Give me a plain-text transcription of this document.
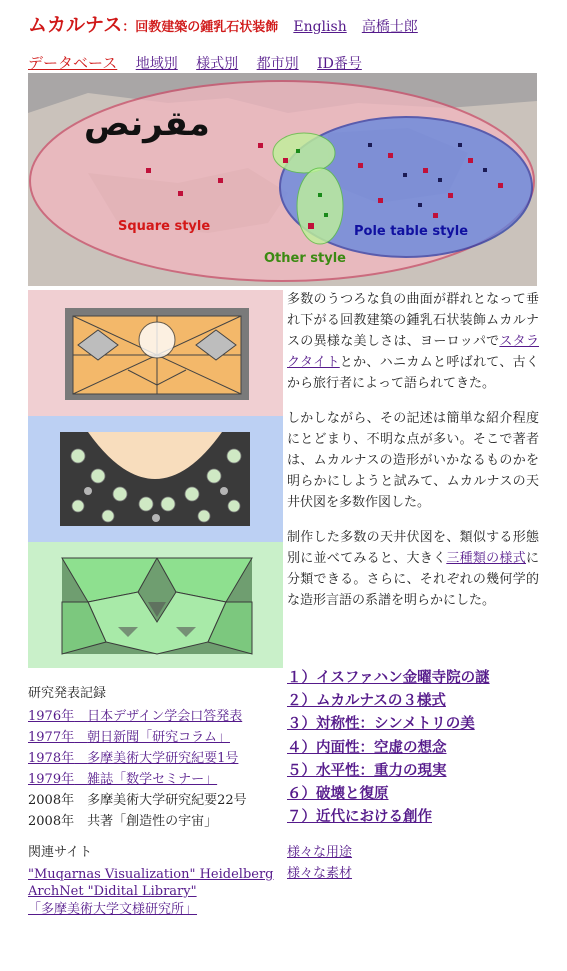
ムカルナス：回教建築の鍾乳石状装飾 English 高橋士郎
データベース 地域別 様式別 都市別 ID番号
مقرنص
Square style	Pole table style
Other style

多数のうつろな負の曲面が群れとなって垂れ下がる回教建築の鍾乳石状装飾ムカルナスの異様な美しさは、ヨーロッパでスタラクタイトとか、ハニカムと呼ばれて、古くから旅行者によって語られてきた。

しかしながら、その記述は簡単な紹介程度にとどまり、不明な点が多い。そこで著者は、ムカルナスの造形がいかなるものかを明らかにしようと試みて、ムカルナスの天井伏図を多数作図した。

制作した多数の天井伏図を、類似する形態別に並べてみると、大きく三種類の様式に分類できる。さらに、それぞれの幾何学的な造形言語の系譜を明らかにした。

１）イスファハン金曜寺院の謎
２）ムカルナスの３様式
３）対称性：シンメトリの美
４）内面性：空虚の想念
５）水平性：重力の現実
６）破壊と復原
７）近代における創作
様々な用途
様々な素材
研究発表記録
1976年　 日本デザイン学会口答発表
1977年　 朝日新聞「研究コラム」
1978年　 多摩美術大学研究紀要1号
1979年　 雑誌「数学セミナー」
2008年　 多摩美術大学研究紀要22号
2008年　 共著「創造性の宇宙」
関連サイト
"Muqarnas Visualization" Heidelberg
ArchNet "Didital Library"
「多摩美術大学文様研究所」
